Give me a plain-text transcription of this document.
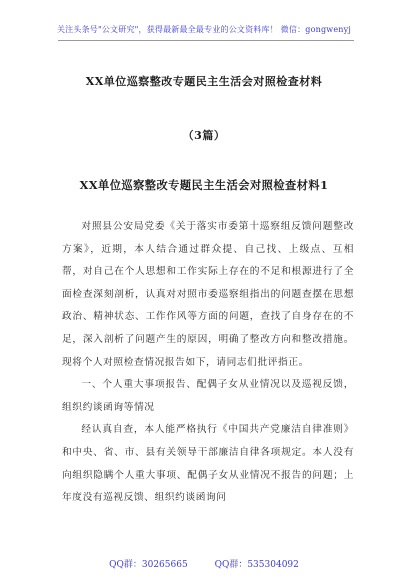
关注头条号"公文研究"，获得最新最全最专业的公文资料库！ 微信：gongwenyj
XX单位巡察整改专题民主生活会对照检查材料
（3篇）
XX单位巡察整改专题民主生活会对照检查材料1

对照县公安局党委《关于落实市委第十巡察组反馈问题整改方案》，近期，本人结合通过群众提、自己找、上级点、互相帮，对自己在个人思想和工作实际上存在的不足和根源进行了全面检查深刻剖析，认真对对照市委巡察组指出的问题查摆在思想政治、精神状态、工作作风等方面的问题，查找了自身存在的不足，深入剖析了问题产生的原因，明确了整改方向和整改措施。现将个人对照检查情况报告如下，请同志们批评指正。

一、个人重大事项报告、配偶子女从业情况以及巡视反馈，组织约谈函询等情况

经认真自查，本人能严格执行《中国共产党廉洁自律准则》和中央、省、市、县有关领导干部廉洁自律各项规定。本人没有向组织隐瞒个人重大事项、配偶子女从业情况不报告的问题；上年度没有巡视反馈、组织约谈函询问

QQ群：30265665	QQ群：535304092
